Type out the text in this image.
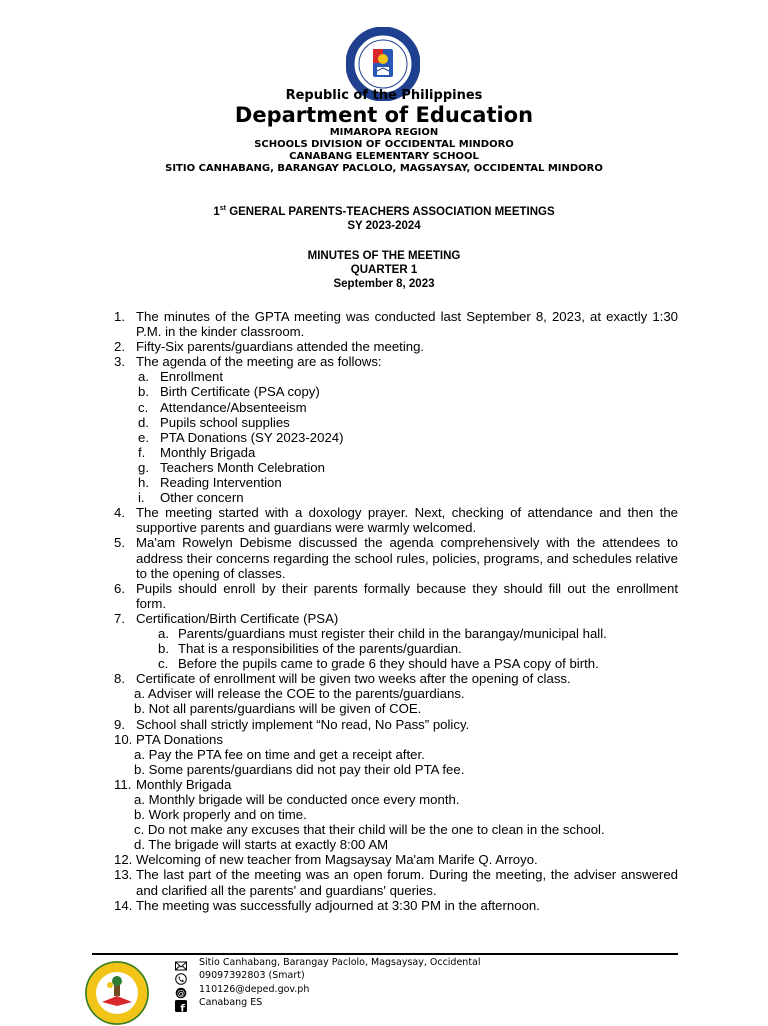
Republic of the Philippines
Department of Education
MIMAROPA REGION
SCHOOLS DIVISION OF OCCIDENTAL MINDORO
CANABANG ELEMENTARY SCHOOL
SITIO CANHABANG, BARANGAY PACLOLO, MAGSAYSAY, OCCIDENTAL MINDORO
1st GENERAL PARENTS-TEACHERS ASSOCIATION MEETINGS
SY 2023-2024
MINUTES OF THE MEETING
QUARTER 1
September 8, 2023
1. The minutes of the GPTA meeting was conducted last September 8, 2023, at exactly 1:30 P.M. in the kinder classroom.
2. Fifty-Six parents/guardians attended the meeting.
3. The agenda of the meeting are as follows:
a. Enrollment
b. Birth Certificate (PSA copy)
c. Attendance/Absenteeism
d. Pupils school supplies
e. PTA Donations (SY 2023-2024)
f. Monthly Brigada
g. Teachers Month Celebration
h. Reading Intervention
i. Other concern
4. The meeting started with a doxology prayer. Next, checking of attendance and then the supportive parents and guardians were warmly welcomed.
5. Ma'am Rowelyn Debisme discussed the agenda comprehensively with the attendees to address their concerns regarding the school rules, policies, programs, and schedules relative to the opening of classes.
6. Pupils should enroll by their parents formally because they should fill out the enrollment form.
7. Certification/Birth Certificate (PSA)
a. Parents/guardians must register their child in the barangay/municipal hall.
b. That is a responsibilities of the parents/guardian.
c. Before the pupils came to grade 6 they should have a PSA copy of birth.
8. Certificate of enrollment will be given two weeks after the opening of class.
a. Adviser will release the COE to the parents/guardians.
b. Not all parents/guardians will be given of COE.
9. School shall strictly implement “No read, No Pass” policy.
10. PTA Donations
a. Pay the PTA fee on time and get a receipt after.
b. Some parents/guardians did not pay their old PTA fee.
11. Monthly Brigada
a. Monthly brigade will be conducted once every month.
b. Work properly and on time.
c. Do not make any excuses that their child will be the one to clean in the school.
d. The brigade will starts at exactly 8:00 AM
12. Welcoming of new teacher from Magsaysay Ma'am Marife Q. Arroyo.
13. The last part of the meeting was an open forum. During the meeting, the adviser answered and clarified all the parents' and guardians' queries.
14. The meeting was successfully adjourned at 3:30 PM in the afternoon.
@
f
Sitio Canhabang, Barangay Paclolo, Magsaysay, Occidental
09097392803 (Smart)
110126@deped.gov.ph
Canabang ES
